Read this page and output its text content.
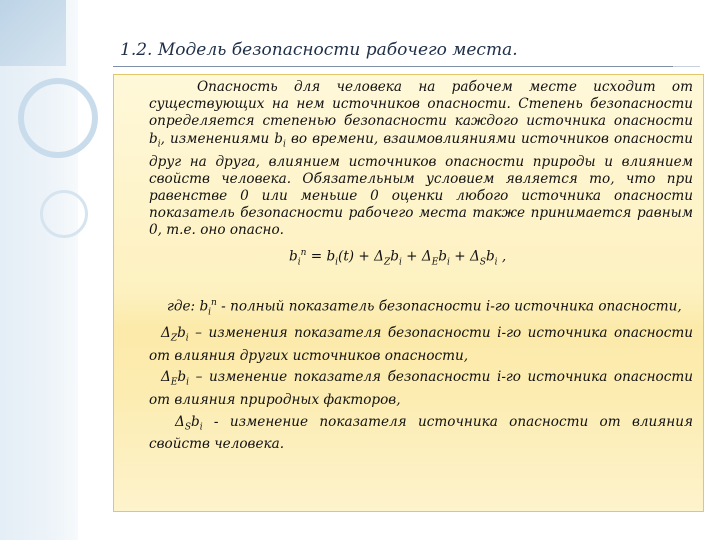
1.2. Модель безопасности рабочего места.

Опасность для человека на рабочем месте исходит от существующих на нем источников опасности. Степень безопасности определяется степенью безопасности каждого источника опасности $b_i$, изменениями $b_i$ во времени, взаимовлияниями источников опасности друг на друга, влиянием источников опасности природы и влиянием свойств человека. Обязательным условием является то, что при равенстве 0 или меньше 0 оценки любого источника опасности показатель безопасности рабочего места также принимается равным 0, т.е. оно опасно.

$b_i^п = b_i(t) + \Delta_Zb_i + \Delta_Eb_i + \Delta_Sb_i$ ,

где: $b_i^п$ - полный показатель безопасности i-го источника опасности,

$\Delta_Zb_i$ – изменения показателя безопасности i-го источника опасности от влияния других источников опасности,

$\Delta_Eb_i$ – изменение показателя безопасности i-го источника опасности от влияния природных факторов,

$\Delta_Sb_i$ - изменение показателя источника опасности от влияния свойств человека.
